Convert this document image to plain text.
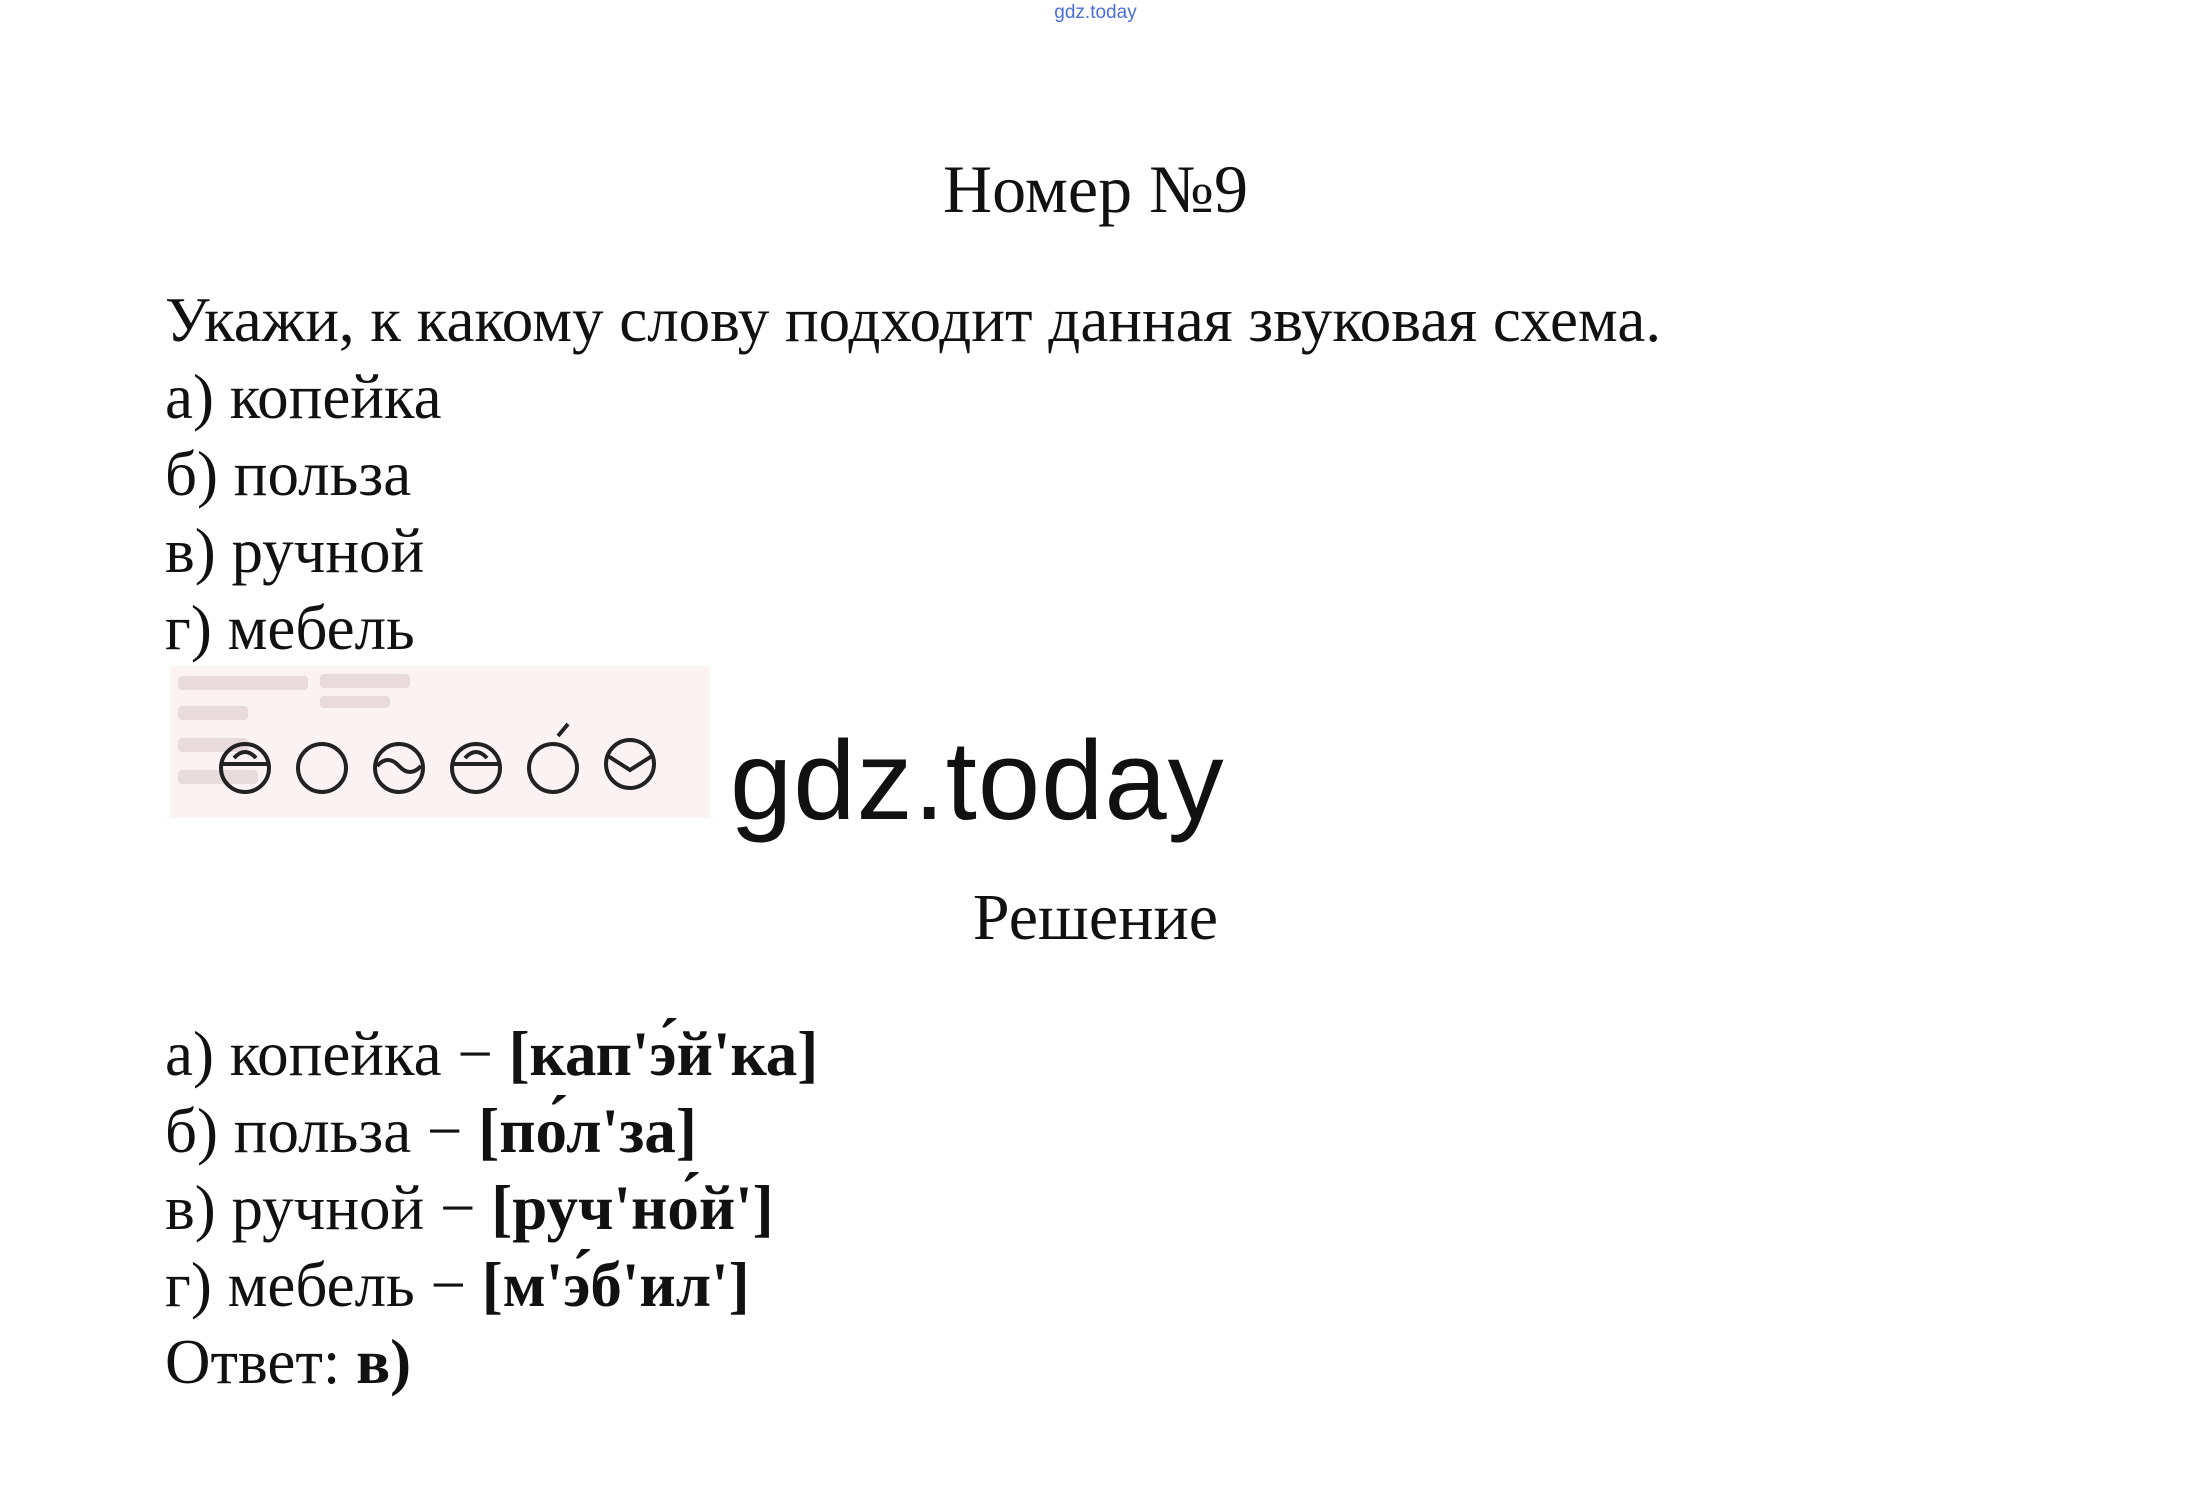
gdz.today
Номер №9
Укажи, к какому слову подходит данная звуковая схема.
а) копейка
б) польза
в) ручной
г) мебель
gdz.today
Решение
а) копейка − [кап'э́й'ка]
б) польза − [по́л'за]
в) ручной − [руч'но́й']
г) мебель − [м'э́б'ил']
Ответ: в)
